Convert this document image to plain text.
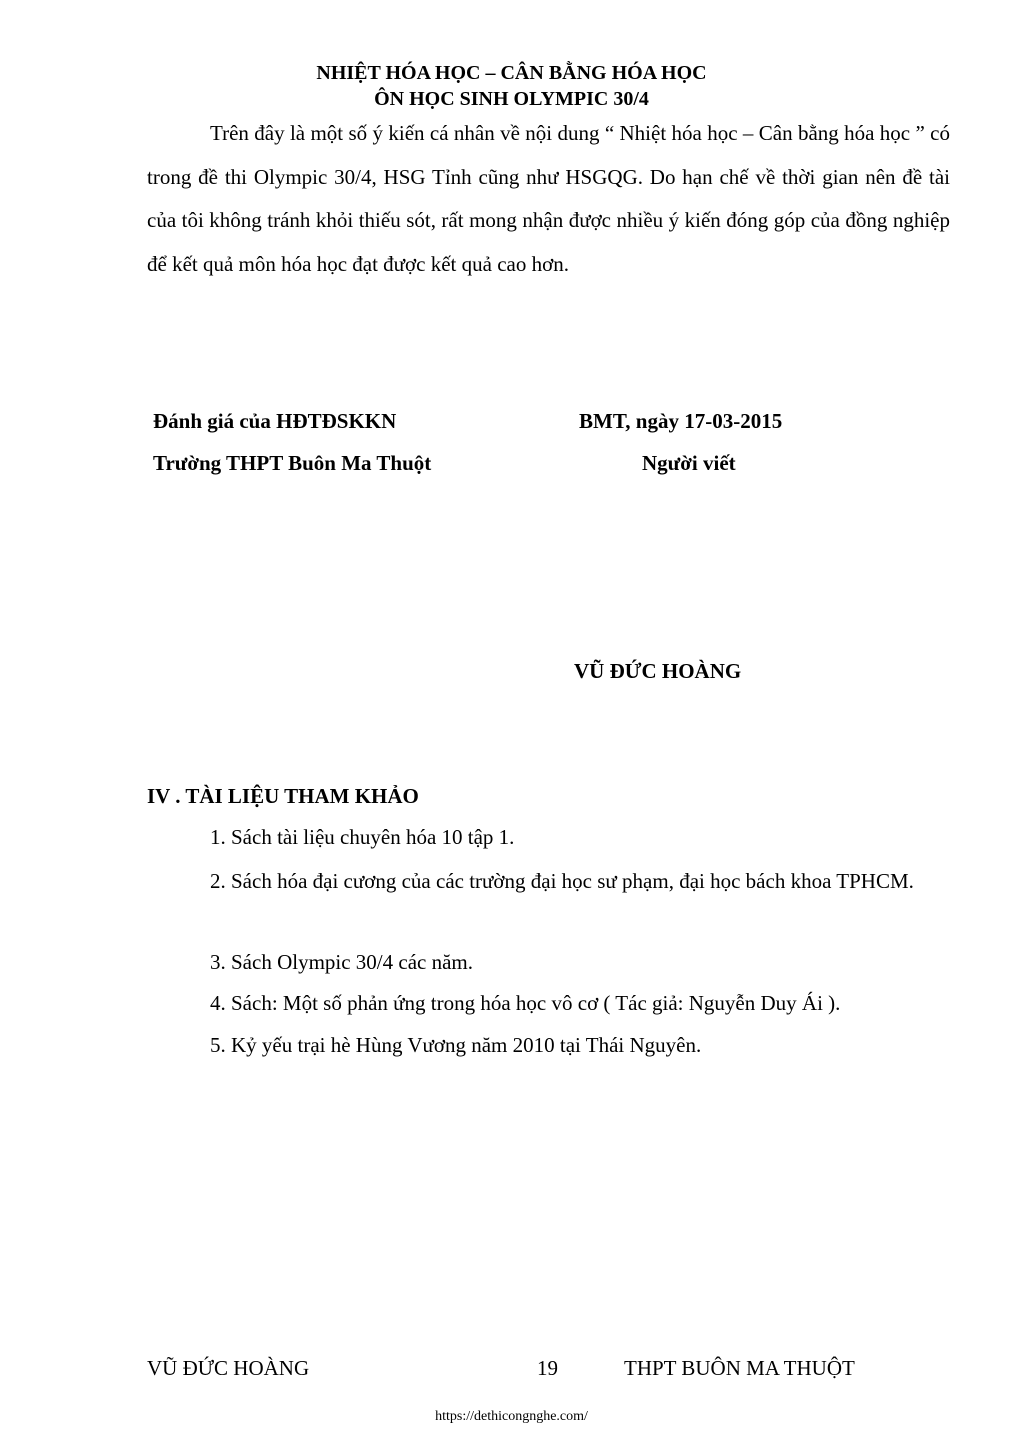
NHIỆT HÓA HỌC – CÂN BẰNG HÓA HỌC
ÔN HỌC SINH OLYMPIC 30/4
Trên đây là một số ý kiến cá nhân về nội dung “ Nhiệt hóa học – Cân bằng hóa học ” có trong đề thi Olympic 30/4, HSG Tỉnh cũng như HSGQG. Do hạn chế về thời gian nên đề tài của tôi không tránh khỏi thiếu sót, rất mong nhận được nhiều ý kiến đóng góp của đồng nghiệp để kết quả môn hóa học đạt được kết quả cao hơn.
Đánh giá của HĐTĐSKKN
Trường THPT Buôn Ma Thuột
BMT, ngày 17-03-2015
Người viết
VŨ ĐỨC HOÀNG
IV . TÀI LIỆU THAM KHẢO
1. Sách tài liệu chuyên hóa 10 tập 1.
2. Sách hóa đại cương của các trường đại học sư phạm, đại học bách khoa TPHCM.
3. Sách Olympic 30/4 các năm.
4. Sách: Một số phản ứng trong hóa học vô cơ ( Tác giả: Nguyễn Duy Ái ).
5. Kỷ yếu trại hè Hùng Vương năm 2010 tại Thái Nguyên.
VŨ ĐỨC HOÀNG	19	THPT BUÔN MA THUỘT
https://dethicongnghe.com/
